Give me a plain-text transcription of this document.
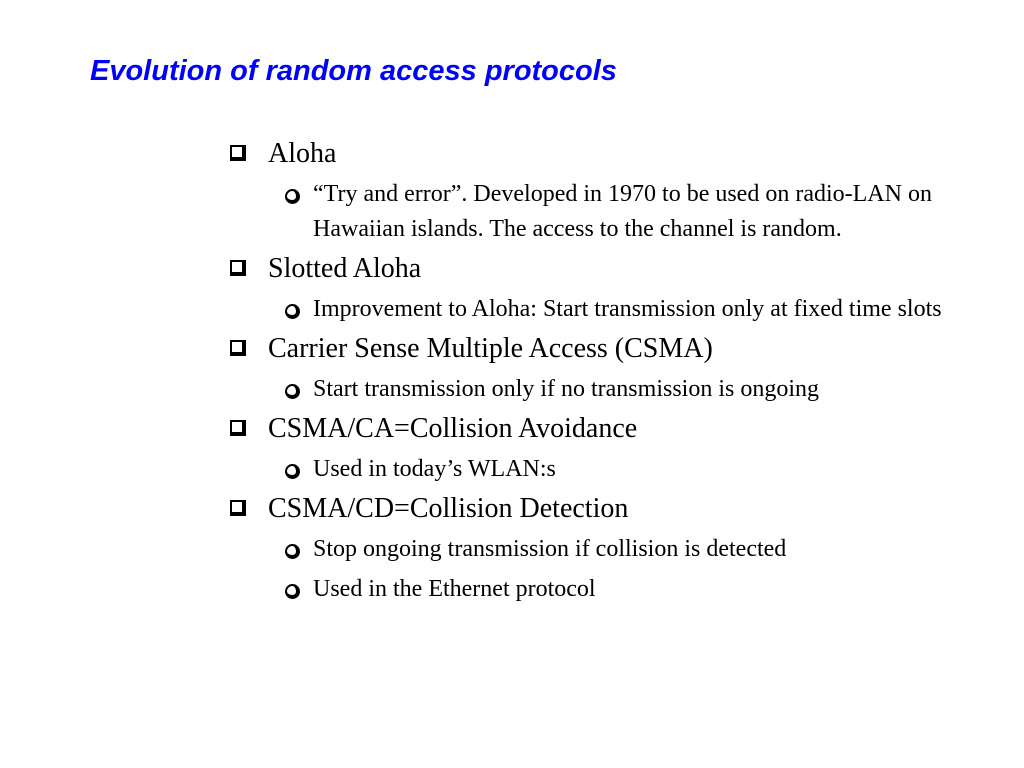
Evolution of random access protocols
Aloha
“Try and error”. Developed in 1970 to be used on radio-LAN on Hawaiian islands. The access to the channel is random.
Slotted Aloha
Improvement to Aloha: Start transmission only at fixed time slots
Carrier Sense Multiple Access (CSMA)
Start transmission only if no transmission is ongoing
CSMA/CA=Collision Avoidance
Used in today’s WLAN:s
CSMA/CD=Collision Detection
Stop ongoing transmission if collision is detected
Used in the Ethernet protocol
